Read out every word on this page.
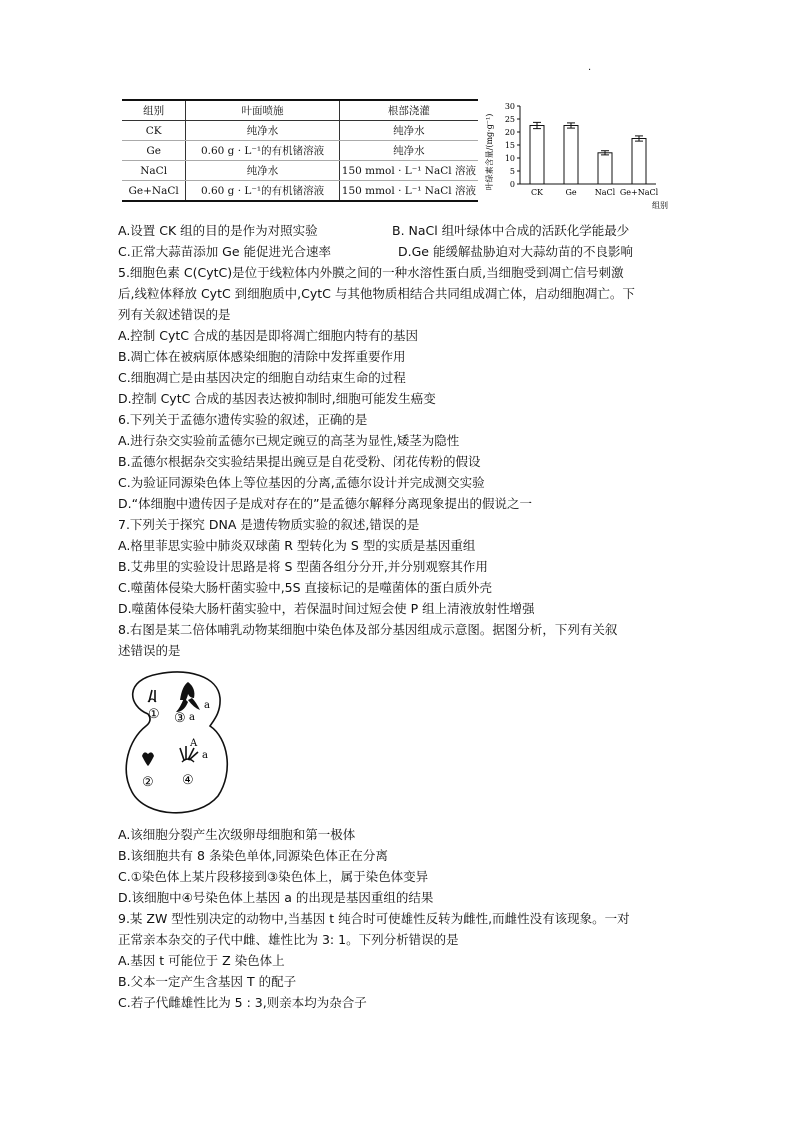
.
组别	叶面喷施	根部浇灌
CK	纯净水	纯净水
Ge	0.60 g · L⁻¹的有机锗溶液	纯净水
NaCl	纯净水	150 mmol · L⁻¹ NaCl 溶液
Ge+NaCl	0.60 g · L⁻¹的有机锗溶液	150 mmol · L⁻¹ NaCl 溶液
叶绿素含量/(mg·g⁻¹) 0
5
10
15
20
25
30
CK	Ge NaCl Ge+NaCl
组别
A.设置 CK 组的目的是作为对照实验	B. NaCl 组叶绿体中合成的活跃化学能最少
C.正常大蒜苗添加 Ge 能促进光合速率	D.Ge 能缓解盐胁迫对大蒜幼苗的不良影响
5.细胞色素 C(CytC)是位于线粒体内外膜之间的一种水溶性蛋白质,当细胞受到凋亡信号刺激
后,线粒体释放 CytC 到细胞质中,CytC 与其他物质相结合共同组成凋亡体，启动细胞凋亡。下
列有关叙述错误的是
A.控制 CytC 合成的基因是即将凋亡细胞内特有的基因
B.凋亡体在被病原体感染细胞的清除中发挥重要作用
C.细胞凋亡是由基因决定的细胞自动结束生命的过程
D.控制 CytC 合成的基因表达被抑制时,细胞可能发生癌变
6.下列关于孟德尔遗传实验的叙述，正确的是
A.进行杂交实验前孟德尔已规定豌豆的高茎为显性,矮茎为隐性
B.孟德尔根据杂交实验结果提出豌豆是自花受粉、闭花传粉的假设
C.为验证同源染色体上等位基因的分离,孟德尔设计并完成测交实验
D.“体细胞中遗传因子是成对存在的”是孟德尔解释分离现象提出的假说之一
7.下列关于探究 DNA 是遗传物质实验的叙述,错误的是
A.格里菲思实验中肺炎双球菌 R 型转化为 S 型的实质是基因重组
B.艾弗里的实验设计思路是将 S 型菌各组分分开,并分别观察其作用
C.噬菌体侵染大肠杆菌实验中,5S 直接标记的是噬菌体的蛋白质外壳
D.噬菌体侵染大肠杆菌实验中，若保温时间过短会使 P 组上清液放射性增强
8.右图是某二倍体哺乳动物某细胞中染色体及部分基因组成示意图。据图分析，下列有关叙
述错误的是
① ③
a
a
A
a
② ④
A.该细胞分裂产生次级卵母细胞和第一极体
B.该细胞共有 8 条染色单体,同源染色体正在分离
C.①染色体上某片段移接到③染色体上，属于染色体变异
D.该细胞中④号染色体上基因 a 的出现是基因重组的结果
9.某 ZW 型性别决定的动物中,当基因 t 纯合时可使雄性反转为雌性,而雌性没有该现象。一对
正常亲本杂交的子代中雌、雄性比为 3: 1。下列分析错误的是
A.基因 t 可能位于 Z 染色体上
B.父本一定产生含基因 T 的配子
C.若子代雌雄性比为 5 : 3,则亲本均为杂合子
